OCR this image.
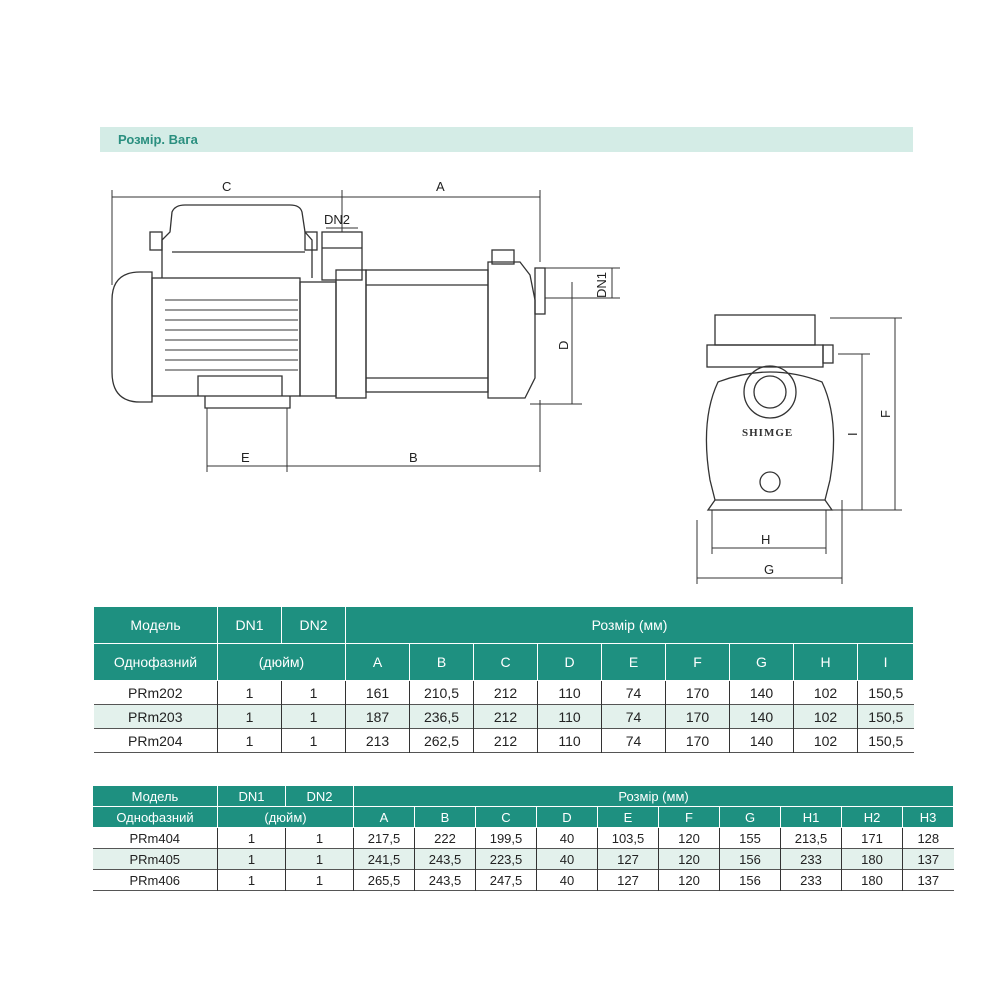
Розмір. Вага
C	A
DN2
DN1
D
E	B
F
I
H
G
SHIMGE
Модель	DN1	DN2	Розмір (мм)								
Однофазний	(дюйм)		A	B	C	D	E	F	G	H	I
PRm202	1	1	161	210,5	212	110	74	170	140	102	150,5
PRm203	1	1	187	236,5	212	110	74	170	140	102	150,5
PRm204	1	1	213	262,5	212	110	74	170	140	102	150,5
Модель	DN1	DN2	Розмір (мм)									
Однофазний	(дюйм)		A	B	C	D	E	F	G	H1	H2	H3
PRm404	1	1	217,5	222	199,5	40	103,5	120	155	213,5	171	128
PRm405	1	1	241,5	243,5	223,5	40	127	120	156	233	180	137
PRm406	1	1	265,5	243,5	247,5	40	127	120	156	233	180	137
